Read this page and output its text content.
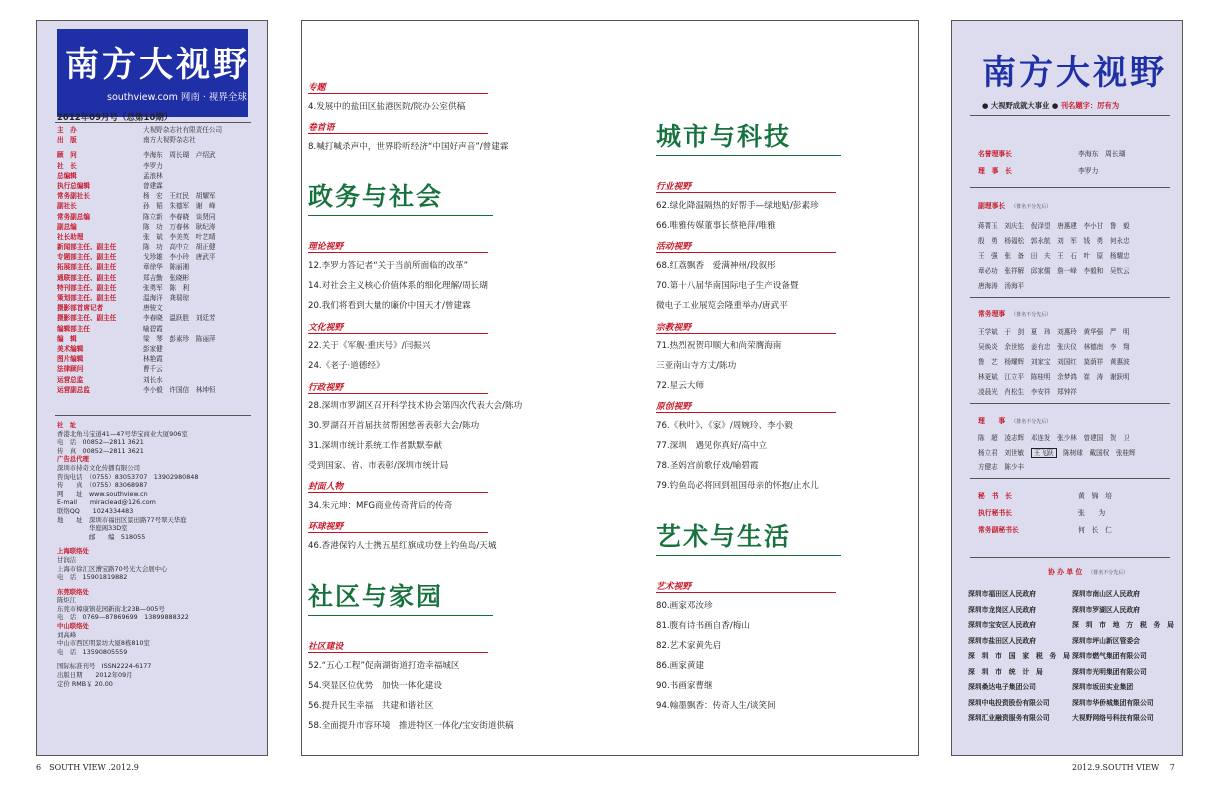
南方大视野
southview.com 网南 · 视界全球
2012年09月号（总第10期）
主　办	大视野杂志社有限责任公司
出　版	南方大视野杂志社
顾　问	李海东　周长瑚　卢绍武
社　长	李罗力
总编辑	孟浪林
执行总编辑	曾建霖
常务副社长	杨　宏　王红民　胡耀军
副社长	孙　韬　朱德军　谢　峰
常务副总编	陈立新　李春晓　谈贤同
副总编	陈　功　万春林　耿纪涛
社长助理	张　斌　李美英　叶艺晴
新闻部主任、副主任	陈　功　高中立　胡正健
专题部主任、副主任	戈珍雄　李小玲　唐武平
拓展部主任、副主任	章徐华　陈丽湘
通联部主任、副主任	郑吉勤　张晓彬
特刊部主任、副主任	张勇军　陈　利
策划部主任、副主任	温海洋　龚瑞琼
摄影部首席记者	唐骏文
摄影部主任、副主任	李春晓　温跃胜　刘廷芳
编辑部主任	喻碧霞
编　辑	梁　琴　彭素珍　陈丽萍
美术编辑	彭家健
图片编辑	林艳霞
法律顾问	曹千云
运营总监	刘长水
运营副总监	李小毅　许国信　林坤恒
社　址
香港北角马宝道41—47号华宝商业大厦906室
电　话　00852—2811 3621
传　真　00852—2811 3621
广告总代理
深圳市持奇文化传播有限公司
咨询电话　（0755）83053707　13902980848
传　　真　（0755）83068987
网　　址　www.southview.cn
E-mail　　miraclead@126.com
联络QQ　　1024334483
地　　址　深圳市福田区景田路77号翠天华庭
　　　　　华庭阁33D室
　　　　　邮　　编　518055
上海联络处
甘润洁
上海市徐汇区漕宝路70号光大会展中心
电　话　15901819882
东莞联络处
陈炬江
东莞市樟康镇花园新街北23B—005号
电　话　0769—87869699　13899888322
中山联络处
刘高峰
中山市西区明景坊大厦8栋810室
电　话　13590805559
国际标准刊号　ISSN2224-6177
出版日期　　2012年09月
定价 RMB￥ 20.00
专题
4.发展中的盐田区盐港医院/院办公室供稿
卷首语
8.喊打喊杀声中，世界聆听经济“中国好声音”/曾建霖
政务与社会
理论视野
12.李罗力答记者“关于当前所面临的改革”
14.对社会主义核心价值体系的细化理解/周长瑚
20.我们将看到大量的廉价中国天才/曾建霖
文化视野
22.关于《军舰·重庆号》/闫振兴
24.《老子·道德经》
行政视野
28.深圳市罗湖区召开科学技术协会第四次代表大会/陈功
30.罗湖召开首届扶贫帮困慈善表彰大会/陈功
31.深圳市统计系统工作者默默奉献
受到国家、省、市表彰/深圳市统计局
封面人物
34.朱元坤：MFG商业传奇背后的传奇
环球视野
46.香港保钓人士携五星红旗成功登上钓鱼岛/天城
社区与家园
社区建设
52.“五心工程”促南湖街道打造幸福城区
54.突显区位优势　加快一体化建设
56.提升民生幸福　共建和谐社区
58.全面提升市容环境　推进特区一体化/宝安街道供稿
城市与科技
行业视野
62.绿化降温隔热的好帮手—绿地贴/彭素珍
66.唯雅传媒董事长蔡艳萍/唯雅
活动视野
68.红荔飘香　爱满神州/段叙彤
70.第十八届华南国际电子生产设备暨
微电子工业展览会隆重举办/唐武平
宗教视野
71.热烈祝贺印顺大和尚荣膺海南
三亚南山寺方丈/陈功
72.星云大师
原创视野
76.《秋叶》、《家》/周婉玲、李小毅
77.深圳　遇见你真好/高中立
78.圣妈宫前歌仔戏/喻碧霞
79.钓鱼岛必将回到祖国母亲的怀抱/止水儿
艺术与生活
艺术视野
80.画家邓汝珍
81.腹有诗书画自香/梅山
82.艺术家黄先启
86.画家黄建
90.书画家曹继
94.翰墨飘香：传奇人生/谈笑间
南方大视野
● 大视野成就大事业 ● 刊名题字：厉有为
名誉理事长	李海东　周长瑚
理　事　长	李罗力
副理事长 （排名不分先后）
蒋菁玉　刘庆生　倪泽望　唐惠建　李小甘　鲁　毅
殷　勇　杨福松　郭永航　刘　军　钱　勇　何永忠
王　强　张　备　田　夫　王　石　叶　原　杨耀忠
章必功　张祥解　邱家儒　詹一峰　李毅和　吴钦云
唐海涛　汤海平
常务理事 （排名不分先后）
王学斌　于　剑　夏　玮　刘惠玲　黄华强　严　明
吴焕炎　余世铭　姜有忠　张庆仪　林德南　李　翔
鲁　艺　杨耀辉　刘家宝　刘国红　莫荫祥　黄惠波
林更斌　江立平　陈桂明　余梦鸿　崔　涛　谢跃明
凌晨光　肖松生　李安祥　郑钟祥
理　　事 （排名不分先后）
陈　超　凌志辉　邓连发　张少林　曾建国　贺　卫
杨立君　刘世敏　王飞跃　陈树球　戴国权　张桂辉
方健志　陈少丰
秘　书　长	黄　锦　培
执行秘书长	张　　为
常务副秘书长	何　长　仁
协 办 单 位 （排名不分先后）
深圳市福田区人民政府	深圳市南山区人民政府
深圳市龙岗区人民政府	深圳市罗湖区人民政府
深圳市宝安区人民政府	深　圳　市　地　方　税　务　局
深圳市盐田区人民政府	深圳市坪山新区管委会
深　圳　市　国　家　税　务　局 深圳市燃气集团有限公司
深　圳　市　统　计　局	深圳市光明集团有限公司
深圳桑达电子集团公司	深圳市坂田实业集团
深圳中电投资股份有限公司	深圳市华侨城集团有限公司
深圳汇业融资服务有限公司	大视野网络号科技有限公司
6　SOUTH VIEW .2012.9	2012.9.SOUTH VIEW　 7
